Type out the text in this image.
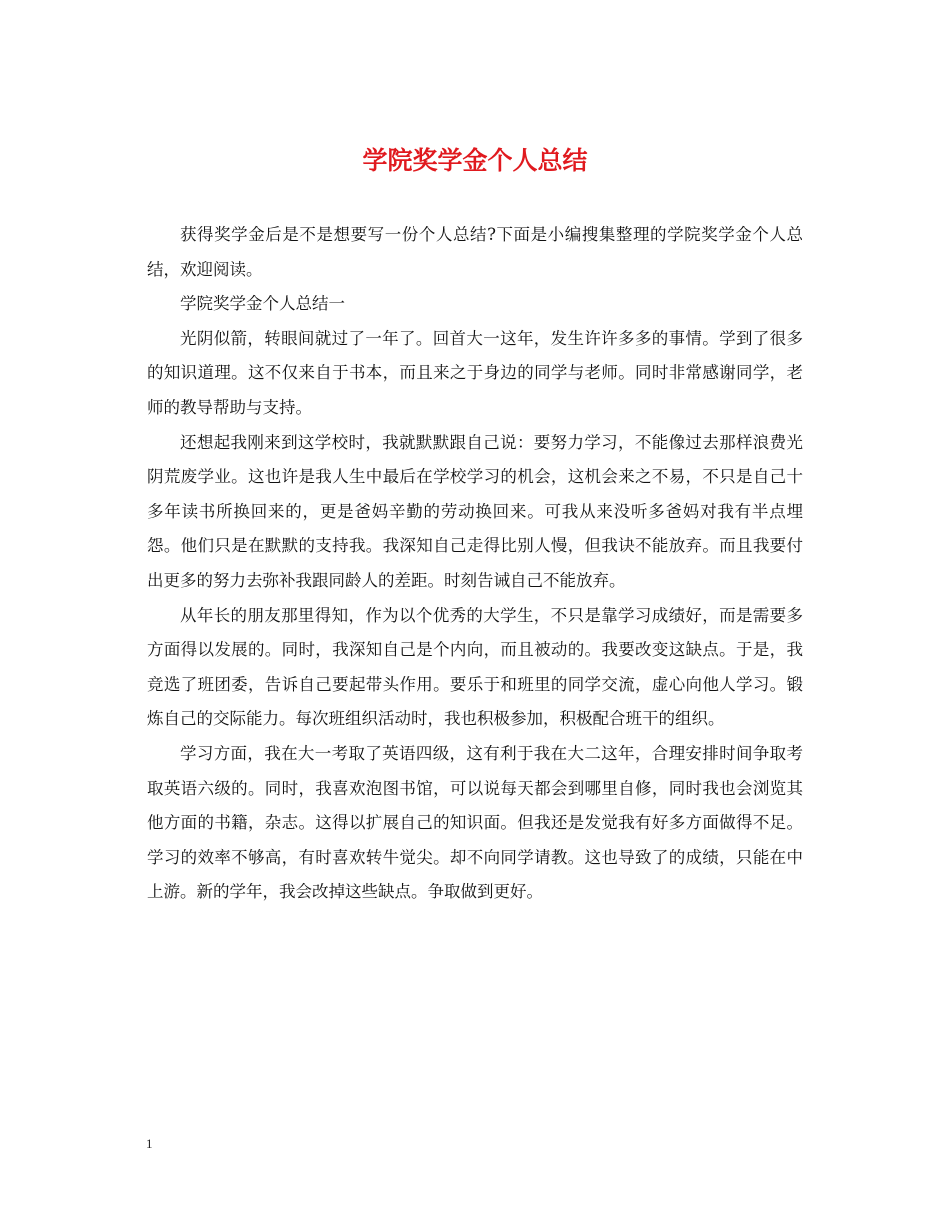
学院奖学金个人总结

获得奖学金后是不是想要写一份个人总结?下面是小编搜集整理的学院奖学金个人总结，欢迎阅读。

学院奖学金个人总结一

光阴似箭，转眼间就过了一年了。回首大一这年，发生许许多多的事情。学到了很多的知识道理。这不仅来自于书本，而且来之于身边的同学与老师。同时非常感谢同学，老师的教导帮助与支持。

还想起我刚来到这学校时，我就默默跟自己说：要努力学习，不能像过去那样浪费光阴荒废学业。这也许是我人生中最后在学校学习的机会，这机会来之不易，不只是自己十多年读书所换回来的，更是爸妈辛勤的劳动换回来。可我从来没听多爸妈对我有半点埋怨。他们只是在默默的支持我。我深知自己走得比别人慢，但我诀不能放弃。而且我要付出更多的努力去弥补我跟同龄人的差距。时刻告诫自己不能放弃。

从年长的朋友那里得知，作为以个优秀的大学生，不只是靠学习成绩好，而是需要多方面得以发展的。同时，我深知自己是个内向，而且被动的。我要改变这缺点。于是，我竞选了班团委，告诉自己要起带头作用。要乐于和班里的同学交流，虚心向他人学习。锻炼自己的交际能力。每次班组织活动时，我也积极参加，积极配合班干的组织。

学习方面，我在大一考取了英语四级，这有利于我在大二这年，合理安排时间争取考取英语六级的。同时，我喜欢泡图书馆，可以说每天都会到哪里自修，同时我也会浏览其他方面的书籍，杂志。这得以扩展自己的知识面。但我还是发觉我有好多方面做得不足。学习的效率不够高，有时喜欢转牛觉尖。却不向同学请教。这也导致了的成绩，只能在中上游。新的学年，我会改掉这些缺点。争取做到更好。

1
